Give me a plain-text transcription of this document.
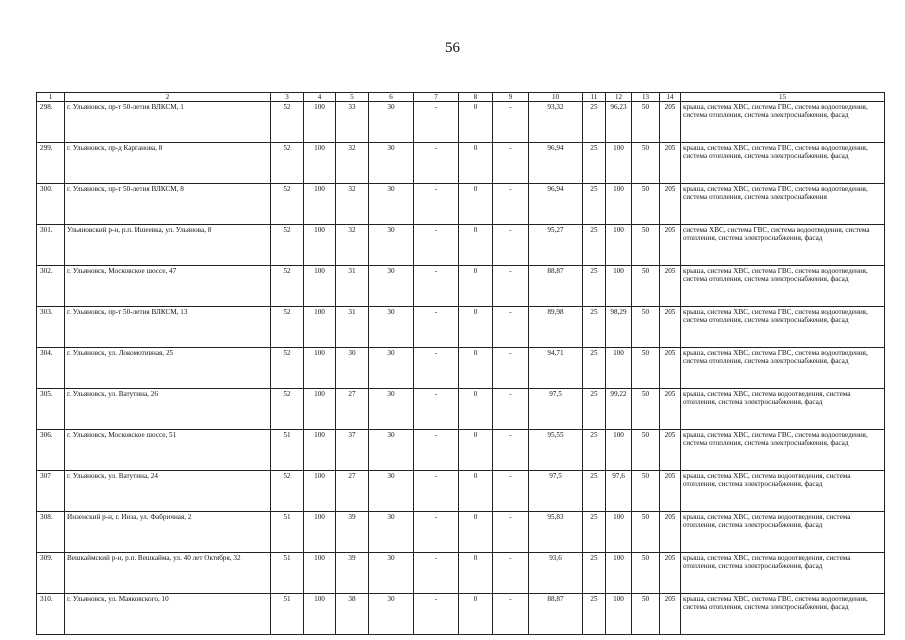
56
1	2	3	4	5	6	7	8	9	10	11	12	13	14	15
298.	г. Ульяновск, пр-т 50-летия ВЛКСМ, 1	52	100	33	30	-	0	-	93,32	25	96,23	50	205	крыша, система ХВС, система ГВС, система водоотведения, система отопления, система электроснабжения, фасад
299.	г. Ульяновск, пр-д Карганова, 8	52	100	32	30	-	0	-	96,94	25	100	50	205	крыша, система ХВС, система ГВС, система водоотведения, система отопления, система электроснабжения, фасад
300.	г. Ульяновск, пр-т 50-летия ВЛКСМ, 8	52	100	32	30	-	0	-	96,94	25	100	50	205	крыша, система ХВС, система ГВС, система водоотведения, система отопления, система электроснабжения
301.	Ульяновский р-н, р.п. Ишеевка, ул. Ульянова, 8	52	100	32	30	-	0	-	95,27	25	100	50	205	система ХВС, система ГВС, система водоотведения, система отопления, система электроснабжения, фасад
302.	г. Ульяновск, Московское шоссе, 47	52	100	31	30	-	0	-	88,87	25	100	50	205	крыша, система ХВС, система ГВС, система водоотведения, система отопления, система электроснабжения, фасад
303.	г. Ульяновск, пр-т 50-летия ВЛКСМ, 13	52	100	31	30	-	0	-	89,98	25	98,29	50	205	крыша, система ХВС, система ГВС, система водоотведения, система отопления, система электроснабжения, фасад
304.	г. Ульяновск, ул. Локомотивная, 25	52	100	30	30	-	0	-	94,71	25	100	50	205	крыша, система ХВС, система ГВС, система водоотведения, система отопления, система электроснабжения, фасад
305.	г. Ульяновск, ул. Ватутина, 26	52	100	27	30	-	0	-	97,5	25	99,22	50	205	крыша, система ХВС, система водоотведения, система отопления, система электроснабжения, фасад
306.	г. Ульяновск, Московское шоссе, 51	51	100	37	30	-	0	-	95,55	25	100	50	205	крыша, система ХВС, система ГВС, система водоотведения, система отопления, система электроснабжения, фасад
307	г. Ульяновск, ул. Ватутина, 24	52	100	27	30	-	0	-	97,5	25	97,6	50	205	крыша, система ХВС, система водоотведения, система отопления, система электроснабжения, фасад
308.	Инзенский р-н, г. Инза, ул. Фабричная, 2	51	100	39	30	-	0	-	95,83	25	100	50	205	крыша, система ХВС, система водоотведения, система отопления, система электроснабжения, фасад
309.	Вешкаймский р-н, р.п. Вешкайма, ул. 40 лет Октября, 32	51	100	39	30	-	0	-	93,6	25	100	50	205	крыша, система ХВС, система водоотведения, система отопления, система электроснабжения, фасад
310.	г. Ульяновск, ул. Маяковского, 10	51	100	38	30	-	0	-	88,87	25	100	50	205	крыша, система ХВС, система ГВС, система водоотведения, система отопления, система электроснабжения, фасад
